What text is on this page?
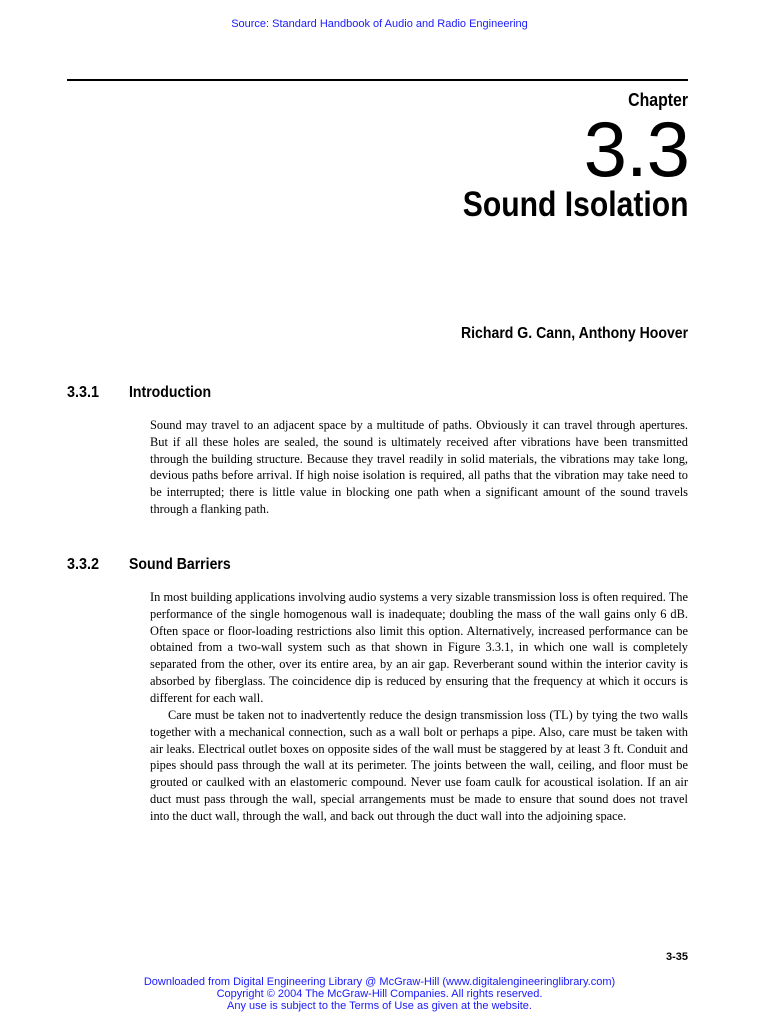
Source: Standard Handbook of Audio and Radio Engineering
Chapter
3.3
Sound Isolation
Richard G. Cann, Anthony Hoover
3.3.1 Introduction

Sound may travel to an adjacent space by a multitude of paths. Obviously it can travel through apertures. But if all these holes are sealed, the sound is ultimately received after vibrations have been transmitted through the building structure. Because they travel readily in solid materials, the vibrations may take long, devious paths before arrival. If high noise isolation is required, all paths that the vibration may take need to be interrupted; there is little value in blocking one path when a significant amount of the sound travels through a flanking path.

3.3.2 Sound Barriers

In most building applications involving audio systems a very sizable transmission loss is often required. The performance of the single homogenous wall is inadequate; doubling the mass of the wall gains only 6 dB. Often space or floor-loading restrictions also limit this option. Alternatively, increased performance can be obtained from a two-wall system such as that shown in Figure 3.3.1, in which one wall is completely separated from the other, over its entire area, by an air gap. Reverberant sound within the interior cavity is absorbed by fiberglass. The coincidence dip is reduced by ensuring that the frequency at which it occurs is different for each wall.

Care must be taken not to inadvertently reduce the design transmission loss (TL) by tying the two walls together with a mechanical connection, such as a wall bolt or perhaps a pipe. Also, care must be taken with air leaks. Electrical outlet boxes on opposite sides of the wall must be staggered by at least 3 ft. Conduit and pipes should pass through the wall at its perimeter. The joints between the wall, ceiling, and floor must be grouted or caulked with an elastomeric compound. Never use foam caulk for acoustical isolation. If an air duct must pass through the wall, special arrangements must be made to ensure that sound does not travel into the duct wall, through the wall, and back out through the duct wall into the adjoining space.

3-35
Downloaded from Digital Engineering Library @ McGraw-Hill (www.digitalengineeringlibrary.com)
Copyright © 2004 The McGraw-Hill Companies. All rights reserved.
Any use is subject to the Terms of Use as given at the website.
